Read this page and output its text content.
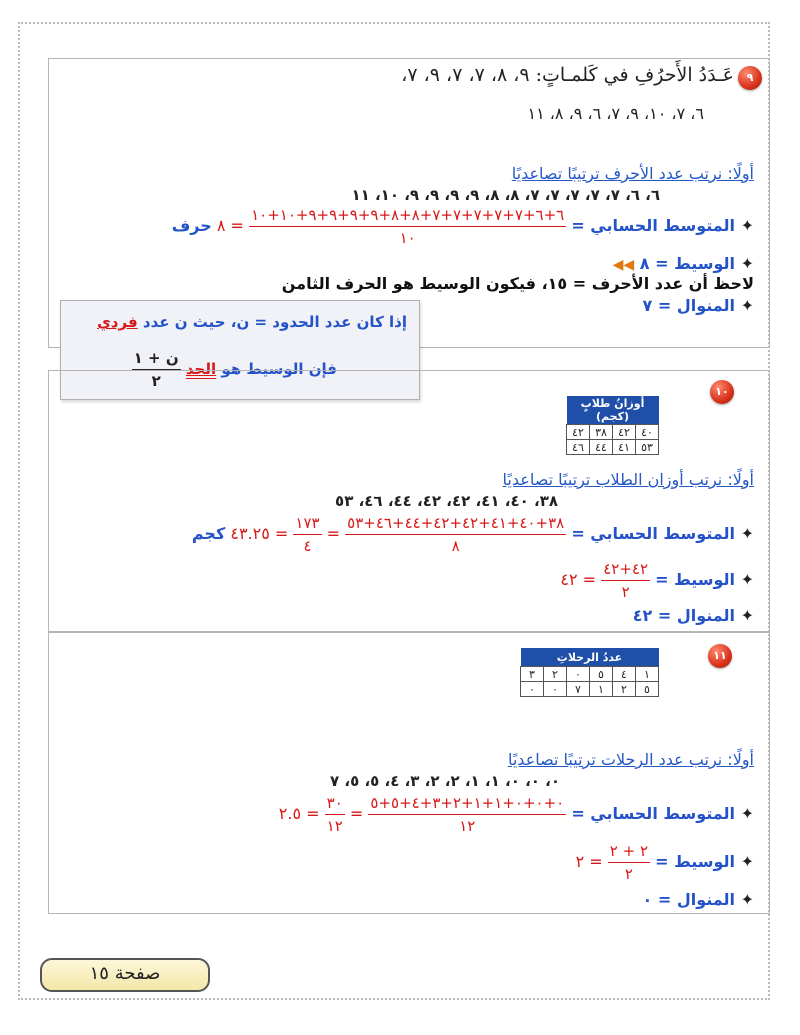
٩
عَـدَدُ الأَحرُفِ في كَلمـاتٍ: ٩، ٨، ٧، ٧، ٩، ٧،
٦، ٧، ١٠، ٩، ٧، ٦، ٩، ٨، ١١
أولًا: نرتب عدد الأحرف ترتيبًا تصاعديًا
٦، ٦، ٧، ٧، ٧، ٧، ٧، ٨، ٨، ٩، ٩، ٩، ٩، ١٠، ١١
✦ المتوسط الحسابي =
$\frac{٦+٦+٧+٧+٧+٧+٧+٨+٨+٩+٩+٩+٩+١٠+١٠}{١٠}$
= ٨ حرف
✦ الوسيط = ٨ ◀◀
لاحظ أن عدد الأحرف = ١٥، فيكون الوسيط هو الحرف الثامن
✦ المنوال = ٧
إذا كان عدد الحدود = ن، حيث ن عدد فردي
فإن الوسيط هو الحد
$\frac{\text{ن + ١}}{٢}$
١٠
أوزانُ طلابٍ (كجم)			
٤٠	٤٢	٣٨	٤٢
٥٣	٤١	٤٤	٤٦
أولًا: نرتب أوزان الطلاب ترتيبًا تصاعديًا
٣٨، ٤٠، ٤١، ٤٢، ٤٢، ٤٤، ٤٦، ٥٣
✦ المتوسط الحسابي =
$\frac{٣٨+٤٠+٤١+٤٢+٤٢+٤٤+٤٦+٥٣}{٨}$
=
$\frac{١٧٣}{٤}$
= ٤٣.٢٥ كجم
✦ الوسيط =
$\frac{٤٢+٤٢}{٢}$
= ٤٢
✦ المنوال = ٤٢
١١
عددُ الرحلاتِ					
١	٤	٥	٠	٢	٣
٥	٢	١	٧	٠	٠
أولًا: نرتب عدد الرحلات ترتيبًا تصاعديًا
٠، ٠، ٠، ١، ١، ٢، ٢، ٣، ٤، ٥، ٥، ٧
✦ المتوسط الحسابي =
$\frac{٠+٠+٠+١+١+٢+٣+٤+٥+٥}{١٢}$
=
$\frac{٣٠}{١٢}$
= ٢.٥
✦ الوسيط =
$\frac{٢ + ٢}{٢}$
= ٢
✦ المنوال = ٠
صفحة ١٥
